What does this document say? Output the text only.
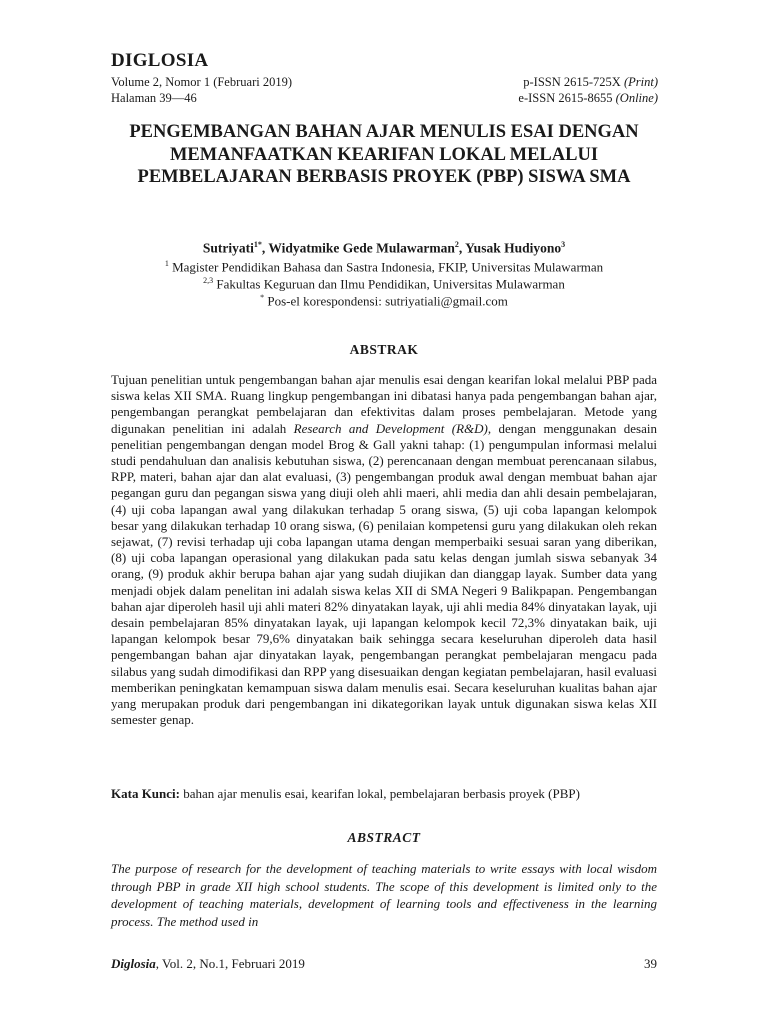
DIGLOSIA
Volume 2, Nomor 1 (Februari 2019)	p-ISSN 2615-725X (Print)
Halaman 39—46	e-ISSN 2615-8655 (Online)
PENGEMBANGAN BAHAN AJAR MENULIS ESAI DENGAN MEMANFAATKAN KEARIFAN LOKAL MELALUI PEMBELAJARAN BERBASIS PROYEK (PBP) SISWA SMA
Sutriyati$^{1*}$, Widyatmike Gede Mulawarman$^2$, Yusak Hudiyono$^3$
$^1$ Magister Pendidikan Bahasa dan Sastra Indonesia, FKIP, Universitas Mulawarman
$^{2,3}$ Fakultas Keguruan dan Ilmu Pendidikan, Universitas Mulawarman
* Pos-el korespondensi: sutriyatiali@gmail.com
ABSTRAK

Tujuan penelitian untuk pengembangan bahan ajar menulis esai dengan kearifan lokal melalui PBP pada siswa kelas XII SMA. Ruang lingkup pengembangan ini dibatasi hanya pada pengembangan bahan ajar, pengembangan perangkat pembelajaran dan efektivitas dalam proses pembelajaran. Metode yang digunakan penelitian ini adalah Research and Development (R&D), dengan menggunakan desain penelitian pengembangan dengan model Brog & Gall yakni tahap: (1) pengumpulan informasi melalui studi pendahuluan dan analisis kebutuhan siswa, (2) perencanaan dengan membuat perencanaan silabus, RPP, materi, bahan ajar dan alat evaluasi, (3) pengembangan produk awal dengan membuat bahan ajar pegangan guru dan pegangan siswa yang diuji oleh ahli maeri, ahli media dan ahli desain pembelajaran, (4) uji coba lapangan awal yang dilakukan terhadap 5 orang siswa, (5) uji coba lapangan kelompok besar yang dilakukan terhadap 10 orang siswa, (6) penilaian kompetensi guru yang dilakukan oleh rekan sejawat, (7) revisi terhadap uji coba lapangan utama dengan memperbaiki sesuai saran yang diberikan, (8) uji coba lapangan operasional yang dilakukan pada satu kelas dengan jumlah siswa sebanyak 34 orang, (9) produk akhir berupa bahan ajar yang sudah diujikan dan dianggap layak. Sumber data yang menjadi objek dalam penelitan ini adalah siswa kelas XII di SMA Negeri 9 Balikpapan. Pengembangan bahan ajar diperoleh hasil uji ahli materi 82% dinyatakan layak, uji ahli media 84% dinyatakan layak, uji desain pembelajaran 85% dinyatakan layak, uji lapangan kelompok kecil 72,3% dinyatakan baik, uji lapangan kelompok besar 79,6% dinyatakan baik sehingga secara keseluruhan diperoleh data hasil pengembangan bahan ajar dinyatakan layak, pengembangan perangkat pembelajaran mengacu pada silabus yang sudah dimodifikasi dan RPP yang disesuaikan dengan kegiatan pembelajaran, hasil evaluasi memberikan peningkatan kemampuan siswa dalam menulis esai. Secara keseluruhan kualitas bahan ajar yang merupakan produk dari pengembangan ini dikategorikan layak untuk digunakan siswa kelas XII semester genap.

Kata Kunci: bahan ajar menulis esai, kearifan lokal, pembelajaran berbasis proyek (PBP)

ABSTRACT

The purpose of research for the development of teaching materials to write essays with local wisdom through PBP in grade XII high school students. The scope of this development is limited only to the development of teaching materials, development of learning tools and effectiveness in the learning process. The method used in

Diglosia, Vol. 2, No.1, Februari 2019	39
